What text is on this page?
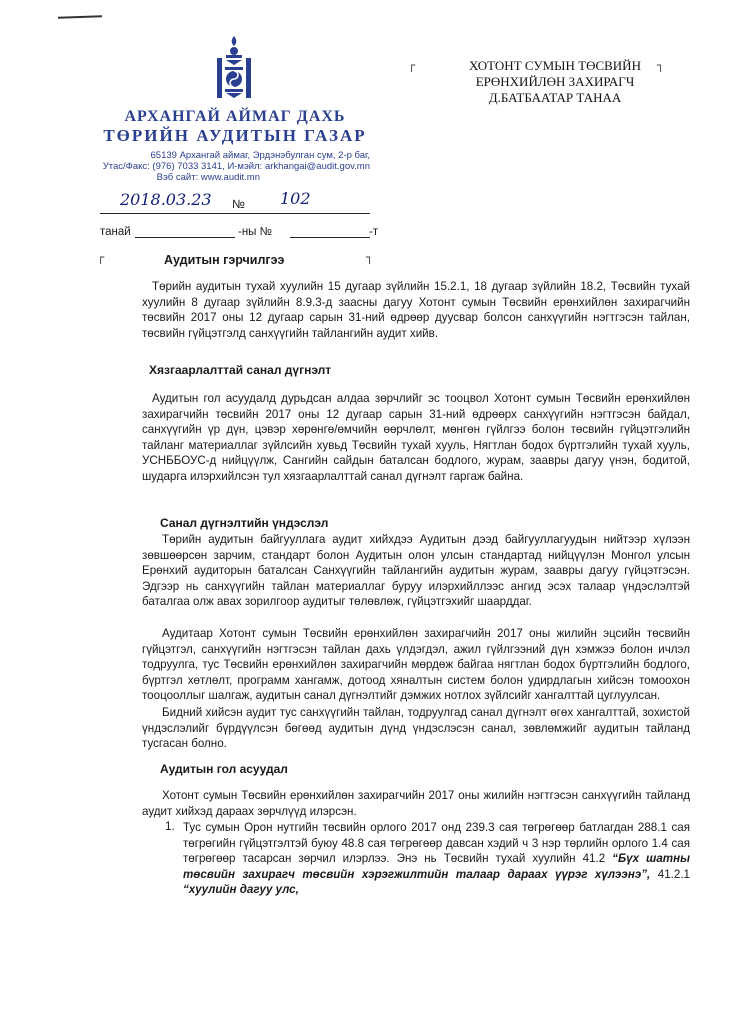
АРХАНГАЙ АЙМАГ ДАХЬ
ТӨРИЙН АУДИТЫН ГАЗАР
65139 Архангай аймаг, Эрдэнэбулган сум, 2-р баг,
Утас/Факс: (976) 7033 3141, И-мэйл: arkhangai@audit.gov.mn
Вэб сайт: www.audit.mn
┌	┐
ХОТОНТ СУМЫН ТӨСВИЙН
ЕРӨНХИЙЛӨН ЗАХИРАГЧ
Д.БАТБААТАР ТАНАА
2018.03.23 № 102
танай	-ны №	-т
┌	┐
Аудитын гэрчилгээ
Төрийн аудитын тухай хуулийн 15 дугаар зүйлийн 15.2.1, 18 дугаар зүйлийн 18.2, Төсвийн тухай хуулийн 8 дугаар зүйлийн 8.9.3-д заасны дагуу Хотонт сумын Төсвийн ерөнхийлөн захирагчийн төсвийн 2017 оны 12 дугаар сарын 31-ний өдрөөр дуусвар болсон санхүүгийн нэгтгэсэн тайлан, төсвийн гүйцэтгэлд санхүүгийн тайлангийн аудит хийв.
Хязгаарлалттай санал дүгнэлт
Аудитын гол асуудалд дурьдсан алдаа зөрчлийг эс тооцвол Хотонт сумын Төсвийн ерөнхийлөн захирагчийн төсвийн 2017 оны 12 дугаар сарын 31-ний өдрөөрх санхүүгийн нэгтгэсэн байдал, санхүүгийн үр дүн, цэвэр хөрөнгө/өмчийн өөрчлөлт, мөнгөн гүйлгээ болон төсвийн гүйцэтгэлийн тайланг материаллаг зүйлсийн хувьд Төсвийн тухай хууль, Нягтлан бодох бүртгэлийн тухай хууль, УСНББОУС-д нийцүүлж, Сангийн сайдын баталсан бодлого, журам, заавры дагуу үнэн, бодитой, шударга илэрхийлсэн тул хязгаарлалттай санал дүгнэлт гаргаж байна.
Санал дүгнэлтийн үндэслэл
Төрийн аудитын байгууллага аудит хийхдээ Аудитын дээд байгууллагуудын нийтээр хүлээн зөвшөөрсөн зарчим, стандарт болон Аудитын олон улсын стандартад нийцүүлэн Монгол улсын Ерөнхий аудиторын баталсан Санхүүгийн тайлангийн аудитын журам, заавры дагуу гүйцэтгэсэн. Эдгээр нь санхүүгийн тайлан материаллаг буруу илэрхийллээс ангид эсэх талаар үндэслэлтэй баталгаа олж авах зорилгоор аудитыг төлөвлөж, гүйцэтгэхийг шаарддаг.
Аудитаар Хотонт сумын Төсвийн ерөнхийлөн захирагчийн 2017 оны жилийн эцсийн төсвийн гүйцэтгэл, санхүүгийн нэгтгэсэн тайлан дахь үлдэгдэл, ажил гүйлгээний дүн хэмжээ болон ичлэл тодруулга, тус Төсвийн ерөнхийлөн захирагчийн мөрдөж байгаа нягтлан бодох бүртгэлийн бодлого, бүртгэл хөтлөлт, программ хангамж, дотоод хяналтын систем болон удирдлагын хийсэн томоохон тооцооллыг шалгаж, аудитын санал дүгнэлтийг дэмжих нотлох зүйлсийг хангалттай цуглуулсан.
Бидний хийсэн аудит тус санхүүгийн тайлан, тодруулгад санал дүгнэлт өгөх хангалттай, зохистой үндэслэлийг бүрдүүлсэн бөгөөд аудитын дүнд үндэслэсэн санал, зөвлөмжийг аудитын тайланд тусгасан болно.
Аудитын гол асуудал
Хотонт сумын Төсвийн ерөнхийлөн захирагчийн 2017 оны жилийн нэгтгэсэн санхүүгийн тайланд аудит хийхэд дараах зөрчлүүд илэрсэн.
1. Тус сумын Орон нутгийн төсвийн орлого 2017 онд 239.3 сая төгрөгөөр батлагдан 288.1 сая төгрөгийн гүйцэтгэлтэй буюу 48.8 сая төгрөгөөр давсан хэдий ч 3 нэр төрлийн орлого 1.4 сая төгрөгөөр тасарсан зөрчил илэрлээ. Энэ нь Төсвийн тухай хуулийн 41.2 “Бүх шатны төсвийн захирагч төсвийн хэрэгжилтийн талаар дараах үүрэг хүлээнэ”, 41.2.1 “хуулийн дагуу улс,
